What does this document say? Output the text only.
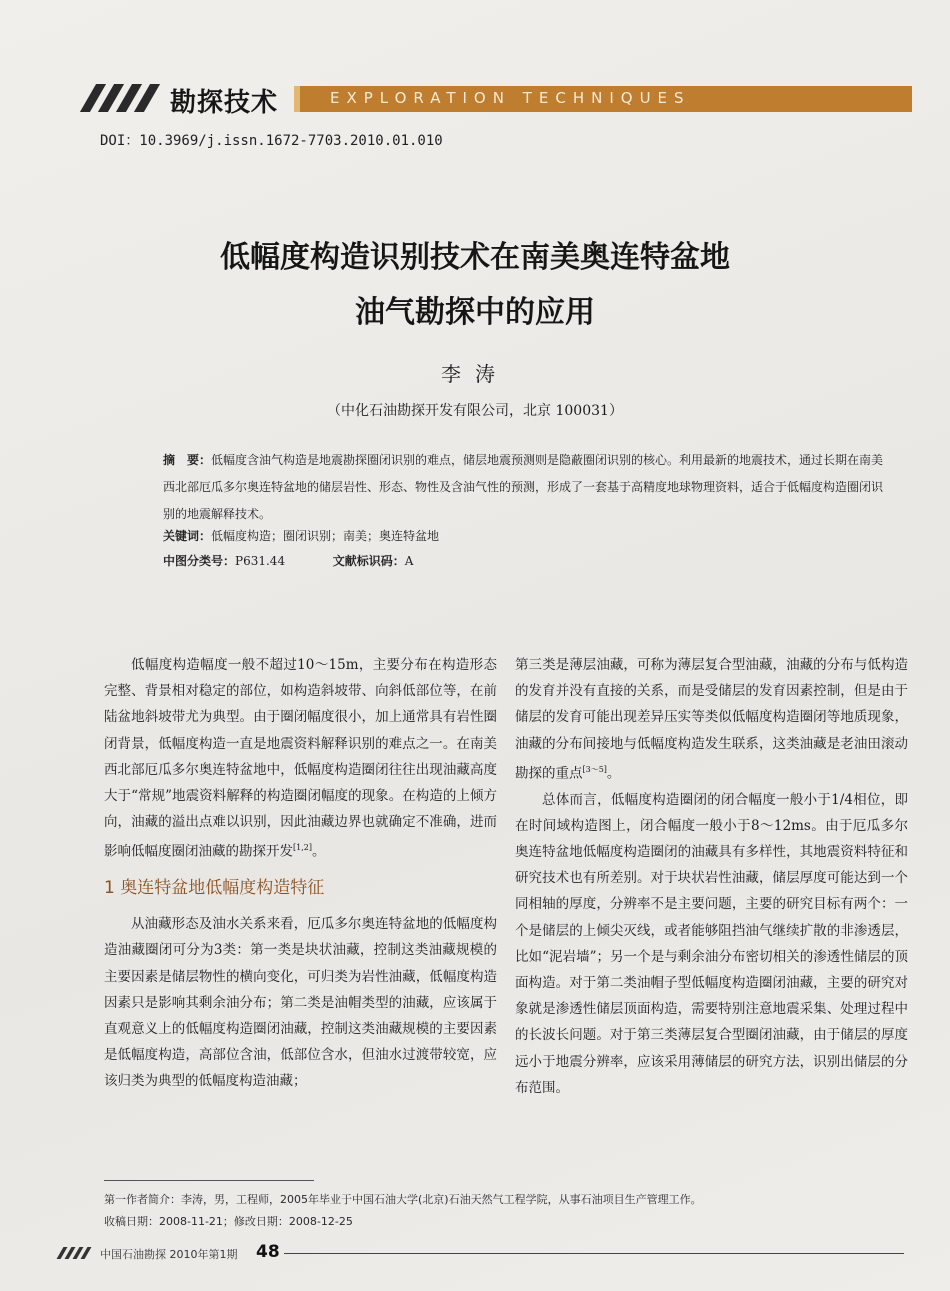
勘探技术	EXPLORATION TECHNIQUES
DOI：10.3969/j.issn.1672-7703.2010.01.010
低幅度构造识别技术在南美奥连特盆地
油气勘探中的应用
李涛
（中化石油勘探开发有限公司，北京 100031）
摘　要：低幅度含油气构造是地震勘探圈闭识别的难点，储层地震预测则是隐蔽圈闭识别的核心。利用最新的地震技术，通过长期在南美西北部厄瓜多尔奥连特盆地的储层岩性、形态、物性及含油气性的预测，形成了一套基于高精度地球物理资料，适合于低幅度构造圈闭识别的地震解释技术。
关键词：低幅度构造；圈闭识别；南美；奥连特盆地
中图分类号：P631.44	文献标识码：A

低幅度构造幅度一般不超过10～15m，主要分布在构造形态完整、背景相对稳定的部位，如构造斜坡带、向斜低部位等，在前陆盆地斜坡带尤为典型。由于圈闭幅度很小，加上通常具有岩性圈闭背景，低幅度构造一直是地震资料解释识别的难点之一。在南美西北部厄瓜多尔奥连特盆地中，低幅度构造圈闭往往出现油藏高度大于“常规”地震资料解释的构造圈闭幅度的现象。在构造的上倾方向，油藏的溢出点难以识别，因此油藏边界也就确定不准确，进而影响低幅度圈闭油藏的勘探开发[1,2]。

1 奥连特盆地低幅度构造特征

从油藏形态及油水关系来看，厄瓜多尔奥连特盆地的低幅度构造油藏圈闭可分为3类：第一类是块状油藏，控制这类油藏规模的主要因素是储层物性的横向变化，可归类为岩性油藏，低幅度构造因素只是影响其剩余油分布；第二类是油帽类型的油藏，应该属于直观意义上的低幅度构造圈闭油藏，控制这类油藏规模的主要因素是低幅度构造，高部位含油，低部位含水，但油水过渡带较宽，应该归类为典型的低幅度构造油藏；

第三类是薄层油藏，可称为薄层复合型油藏，油藏的分布与低构造的发育并没有直接的关系，而是受储层的发育因素控制，但是由于储层的发育可能出现差异压实等类似低幅度构造圈闭等地质现象，油藏的分布间接地与低幅度构造发生联系，这类油藏是老油田滚动勘探的重点[3～5]。

总体而言，低幅度构造圈闭的闭合幅度一般小于1/4相位，即在时间域构造图上，闭合幅度一般小于8～12ms。由于厄瓜多尔奥连特盆地低幅度构造圈闭的油藏具有多样性，其地震资料特征和研究技术也有所差别。对于块状岩性油藏，储层厚度可能达到一个同相轴的厚度，分辨率不是主要问题，主要的研究目标有两个：一个是储层的上倾尖灭线，或者能够阻挡油气继续扩散的非渗透层，比如“泥岩墙”；另一个是与剩余油分布密切相关的渗透性储层的顶面构造。对于第二类油帽子型低幅度构造圈闭油藏，主要的研究对象就是渗透性储层顶面构造，需要特别注意地震采集、处理过程中的长波长问题。对于第三类薄层复合型圈闭油藏，由于储层的厚度远小于地震分辨率，应该采用薄储层的研究方法，识别出储层的分布范围。

第一作者简介：李涛，男，工程师，2005年毕业于中国石油大学(北京)石油天然气工程学院，从事石油项目生产管理工作。
收稿日期：2008-11-21；修改日期：2008-12-25
中国石油勘探 2010年第1期 48
